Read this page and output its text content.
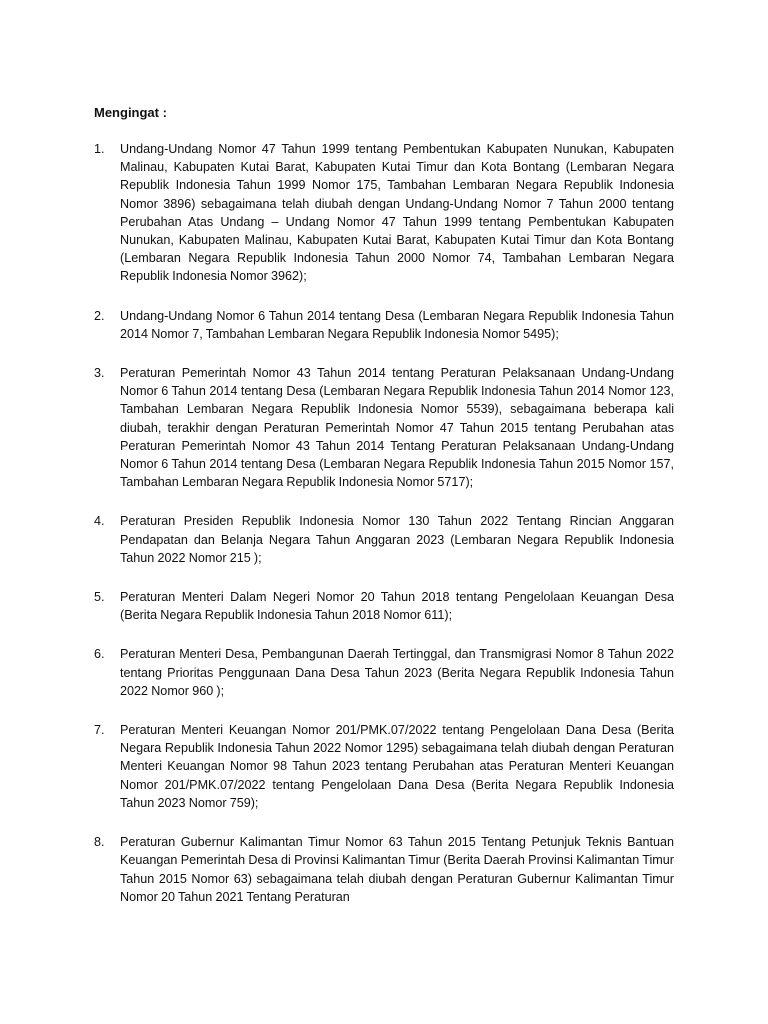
Mengingat :
1.	Undang-Undang Nomor 47 Tahun 1999 tentang Pembentukan Kabupaten Nunukan, Kabupaten Malinau, Kabupaten Kutai Barat, Kabupaten Kutai Timur dan Kota Bontang (Lembaran Negara Republik Indonesia Tahun 1999 Nomor 175, Tambahan Lembaran Negara Republik Indonesia Nomor 3896) sebagaimana telah diubah dengan Undang-Undang Nomor 7 Tahun 2000 tentang Perubahan Atas Undang – Undang Nomor 47 Tahun 1999 tentang Pembentukan Kabupaten Nunukan, Kabupaten Malinau, Kabupaten Kutai Barat, Kabupaten Kutai Timur dan Kota Bontang (Lembaran Negara Republik Indonesia Tahun 2000 Nomor 74, Tambahan Lembaran Negara Republik Indonesia Nomor 3962);
2.	Undang-Undang Nomor 6 Tahun 2014 tentang Desa (Lembaran Negara Republik Indonesia Tahun 2014 Nomor 7, Tambahan Lembaran Negara Republik Indonesia Nomor 5495);
3.	Peraturan Pemerintah Nomor 43 Tahun 2014 tentang Peraturan Pelaksanaan Undang-Undang Nomor 6 Tahun 2014 tentang Desa (Lembaran Negara Republik Indonesia Tahun 2014 Nomor 123, Tambahan Lembaran Negara Republik Indonesia Nomor 5539), sebagaimana beberapa kali diubah, terakhir dengan Peraturan Pemerintah Nomor 47 Tahun 2015 tentang Perubahan atas Peraturan Pemerintah Nomor 43 Tahun 2014 Tentang Peraturan Pelaksanaan Undang-Undang Nomor 6 Tahun 2014 tentang Desa (Lembaran Negara Republik Indonesia Tahun 2015 Nomor 157, Tambahan Lembaran Negara Republik Indonesia Nomor 5717);
4.	Peraturan Presiden Republik Indonesia Nomor 130 Tahun 2022 Tentang Rincian Anggaran Pendapatan dan Belanja Negara Tahun Anggaran 2023 (Lembaran Negara Republik Indonesia Tahun 2022 Nomor 215 );
5.	Peraturan Menteri Dalam Negeri Nomor 20 Tahun 2018 tentang Pengelolaan Keuangan Desa (Berita Negara Republik Indonesia Tahun 2018 Nomor 611);
6.	Peraturan Menteri Desa, Pembangunan Daerah Tertinggal, dan Transmigrasi Nomor 8 Tahun 2022 tentang Prioritas Penggunaan Dana Desa Tahun 2023 (Berita Negara Republik Indonesia Tahun 2022 Nomor 960 );
7.	Peraturan Menteri Keuangan Nomor 201/PMK.07/2022 tentang Pengelolaan Dana Desa (Berita Negara Republik Indonesia Tahun 2022 Nomor 1295) sebagaimana telah diubah dengan Peraturan Menteri Keuangan Nomor 98 Tahun 2023 tentang Perubahan atas Peraturan Menteri Keuangan Nomor 201/PMK.07/2022 tentang Pengelolaan Dana Desa (Berita Negara Republik Indonesia Tahun 2023 Nomor 759);
8.	Peraturan Gubernur Kalimantan Timur Nomor 63 Tahun 2015 Tentang Petunjuk Teknis Bantuan Keuangan Pemerintah Desa di Provinsi Kalimantan Timur (Berita Daerah Provinsi Kalimantan Timur Tahun 2015 Nomor 63) sebagaimana telah diubah dengan Peraturan Gubernur Kalimantan Timur Nomor 20 Tahun 2021 Tentang Peraturan
